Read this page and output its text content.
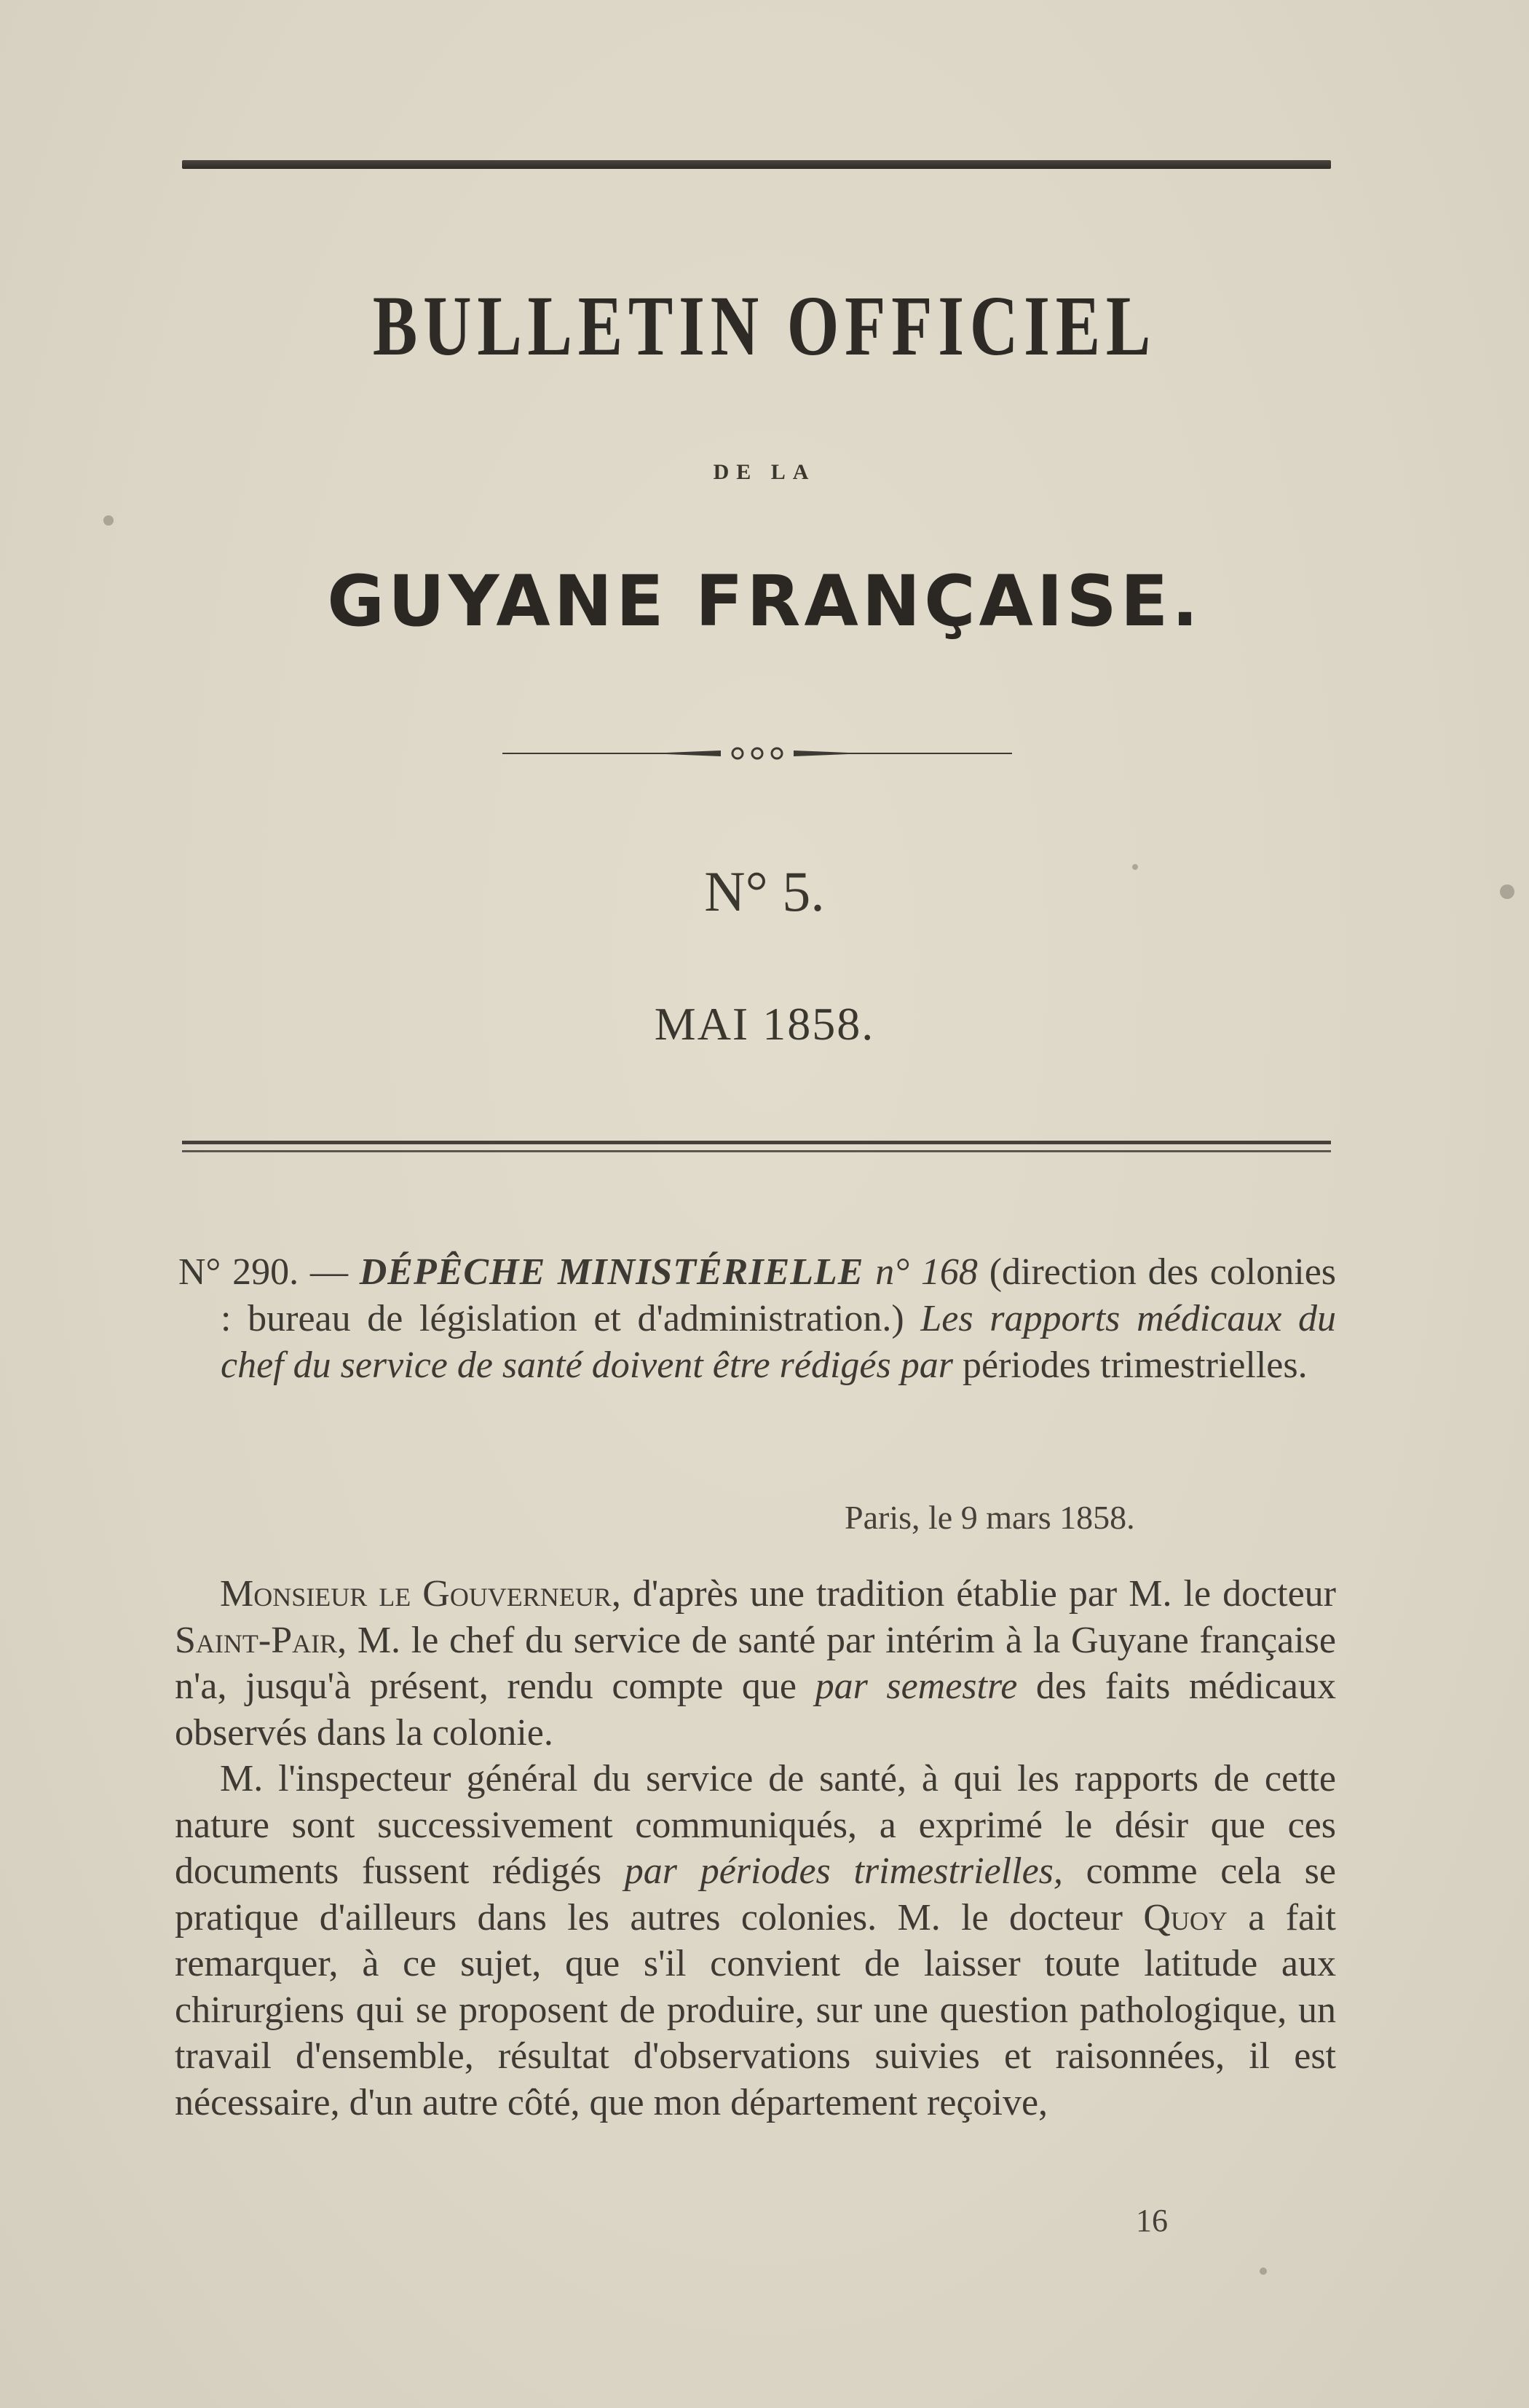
BULLETIN OFFICIEL
DE LA
GUYANE FRANÇAISE.
N° 5.
MAI 1858.
N° 290. — DÉPÊCHE MINISTÉRIELLE n° 168 (direction des colonies : bureau de législation et d'administration.) Les rapports médicaux du chef du service de santé doivent être rédigés par périodes trimestrielles.
Paris, le 9 mars 1858.

Monsieur le Gouverneur, d'après une tradition établie par M. le docteur Saint-Pair, M. le chef du service de santé par intérim à la Guyane française n'a, jusqu'à présent, rendu compte que par semestre des faits médicaux observés dans la colonie.

M. l'inspecteur général du service de santé, à qui les rapports de cette nature sont successivement communiqués, a exprimé le désir que ces documents fussent rédigés par périodes trimestrielles, comme cela se pratique d'ailleurs dans les autres colonies. M. le docteur Quoy a fait remarquer, à ce sujet, que s'il convient de laisser toute latitude aux chirurgiens qui se proposent de produire, sur une question pathologique, un travail d'ensemble, résultat d'observations suivies et raisonnées, il est nécessaire, d'un autre côté, que mon département reçoive,

16
